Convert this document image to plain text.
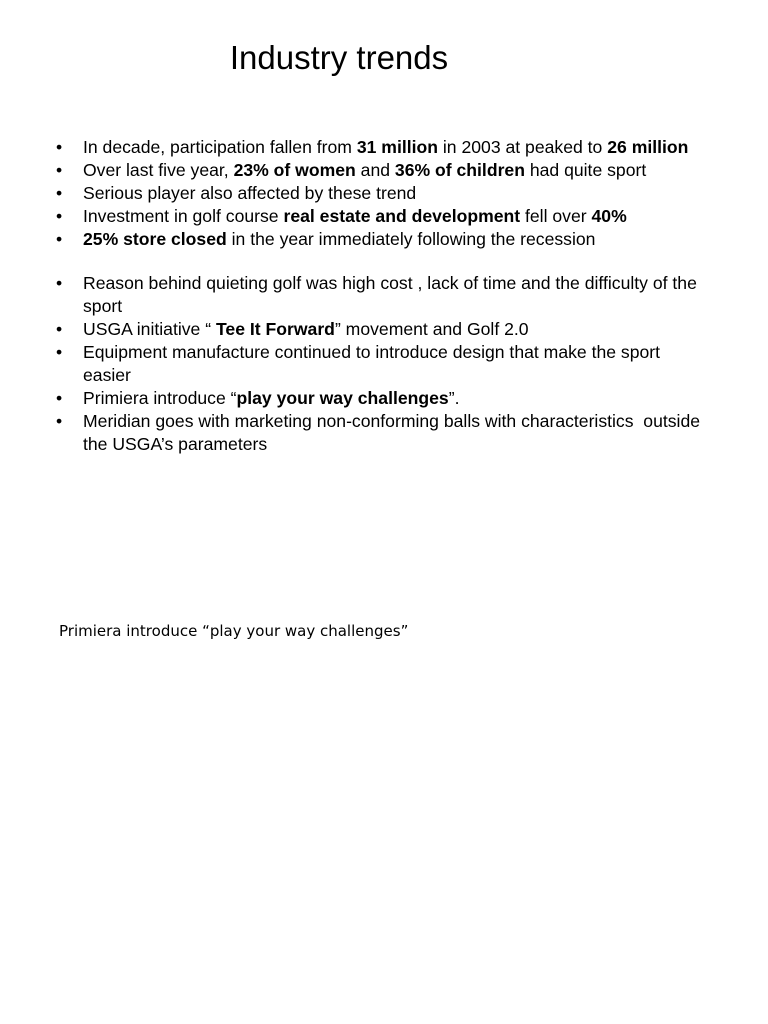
Industry trends
•	In decade, participation fallen from 31 million in 2003 at peaked to 26 million
•	Over last five year, 23% of women and 36% of children had quite sport
•	Serious player also affected by these trend
•	Investment in golf course real estate and development fell over 40%
•	25% store closed in the year immediately following the recession
•	Reason behind quieting golf was high cost , lack of time and the difficulty of the sport
•	USGA initiative “ Tee It Forward” movement and Golf 2.0
•	Equipment manufacture continued to introduce design that make the sport easier
•	Primiera introduce “play your way challenges”.
•	Meridian goes with marketing non-conforming balls with characteristics  outside the USGA’s parameters

Primiera introduce “play your way challenges”
